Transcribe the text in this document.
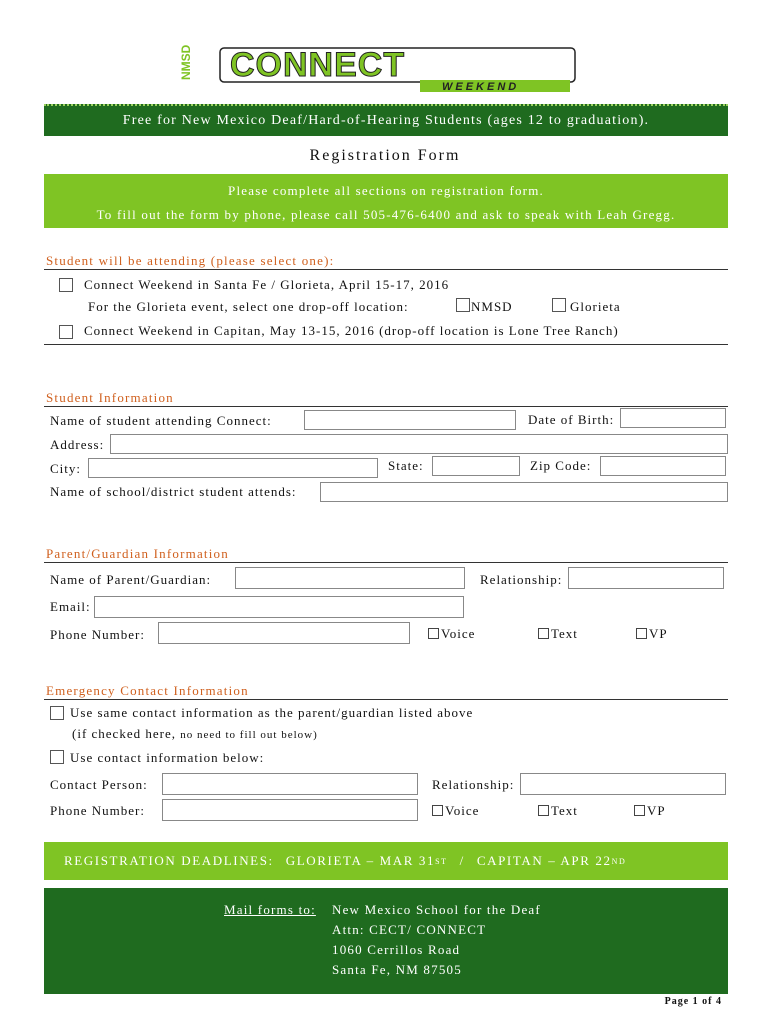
NMSD CONNECT
WEEKEND
Free for New Mexico Deaf/Hard-of-Hearing Students (ages 12 to graduation).
Registration Form
Please complete all sections on registration form.
To fill out the form by phone, please call 505-476-6400 and ask to speak with Leah Gregg.
Student will be attending (please select one):
Connect Weekend in Santa Fe / Glorieta, April 15-17, 2016
For the Glorieta event, select one drop-off location:	NMSD	Glorieta
Connect Weekend in Capitan, May 13-15, 2016 (drop-off location is Lone Tree Ranch)
Student Information
Name of student attending Connect:	Date of Birth:
Address:
City:	State:	Zip Code:
Name of school/district student attends:
Parent/Guardian Information
Name of Parent/Guardian:	Relationship:
Email:
Phone Number:	Voice	Text	VP
Emergency Contact Information
Use same contact information as the parent/guardian listed above
(if checked here, no need to fill out below)
Use contact information below:
Contact Person:	Relationship:
Phone Number:	Voice	Text	VP
REGISTRATION DEADLINES: GLORIETA – MAR 31 ST / CAPITAN – APR 22 ND
Mail forms to: New Mexico School for the Deaf
Attn: CECT/ CONNECT
1060 Cerrillos Road
Santa Fe, NM 87505
Page 1 of 4
